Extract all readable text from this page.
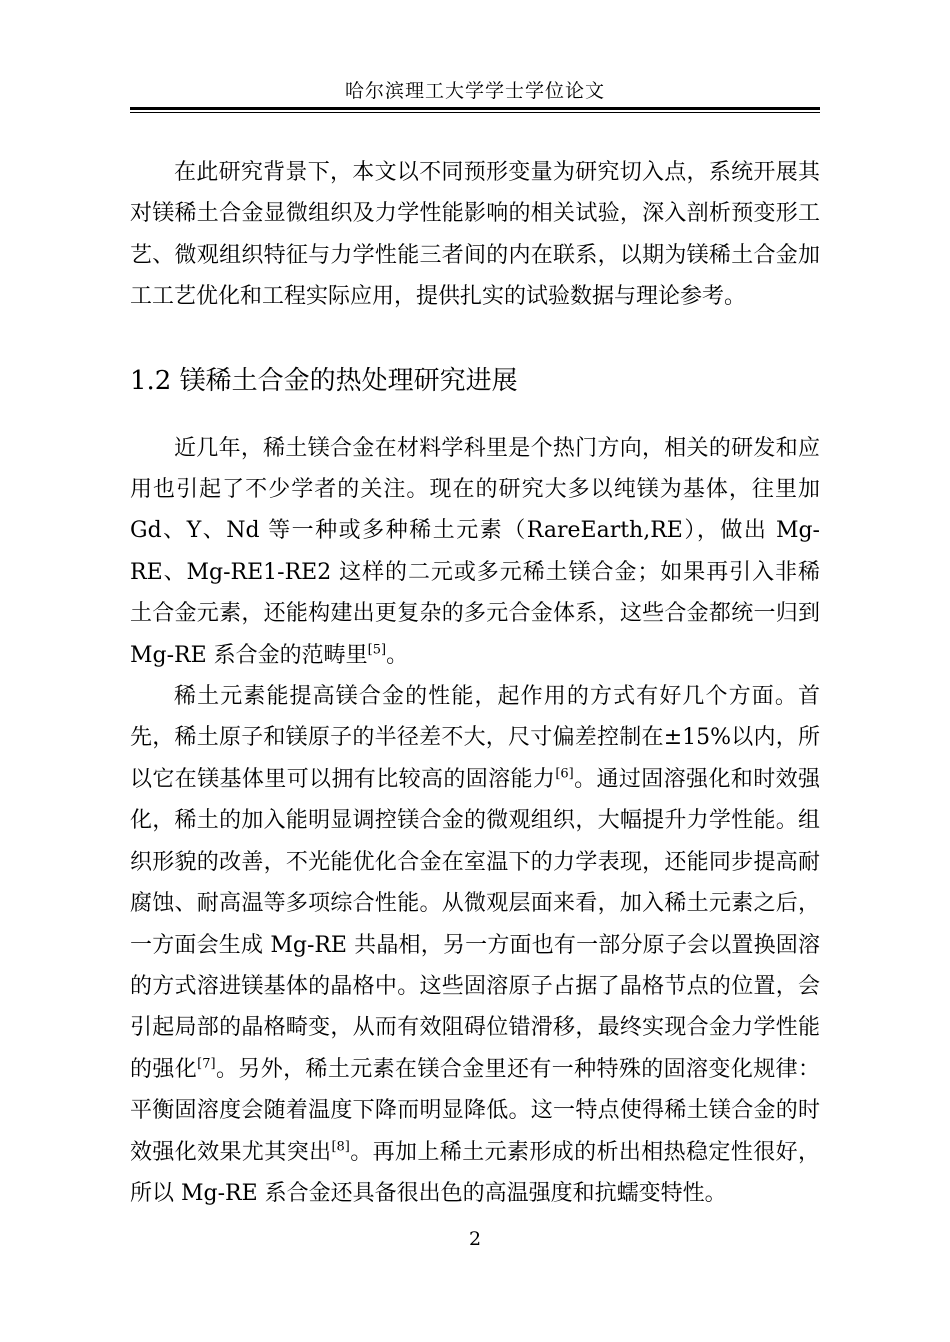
哈尔滨理工大学学士学位论文

在此研究背景下，本文以不同预形变量为研究切入点，系统开展其对镁稀土合金显微组织及力学性能影响的相关试验，深入剖析预变形工艺、微观组织特征与力学性能三者间的内在联系，以期为镁稀土合金加工工艺优化和工程实际应用，提供扎实的试验数据与理论参考。

1.2 镁稀土合金的热处理研究进展

近几年，稀土镁合金在材料学科里是个热门方向，相关的研发和应用也引起了不少学者的关注。现在的研究大多以纯镁为基体，往里加 Gd、Y、Nd 等一种或多种稀土元素（RareEarth,RE），做出 Mg-RE、Mg-RE1-RE2 这样的二元或多元稀土镁合金；如果再引入非稀土合金元素，还能构建出更复杂的多元合金体系，这些合金都统一归到 Mg-RE 系合金的范畴里[5]。

稀土元素能提高镁合金的性能，起作用的方式有好几个方面。首先，稀土原子和镁原子的半径差不大，尺寸偏差控制在±15%以内，所以它在镁基体里可以拥有比较高的固溶能力[6]。通过固溶强化和时效强化，稀土的加入能明显调控镁合金的微观组织，大幅提升力学性能。组织形貌的改善，不光能优化合金在室温下的力学表现，还能同步提高耐腐蚀、耐高温等多项综合性能。从微观层面来看，加入稀土元素之后，一方面会生成 Mg-RE 共晶相，另一方面也有一部分原子会以置换固溶的方式溶进镁基体的晶格中。这些固溶原子占据了晶格节点的位置，会引起局部的晶格畸变，从而有效阻碍位错滑移，最终实现合金力学性能的强化[7]。另外，稀土元素在镁合金里还有一种特殊的固溶变化规律：平衡固溶度会随着温度下降而明显降低。这一特点使得稀土镁合金的时效强化效果尤其突出[8]。再加上稀土元素形成的析出相热稳定性很好，所以 Mg-RE 系合金还具备很出色的高温强度和抗蠕变特性。

2
